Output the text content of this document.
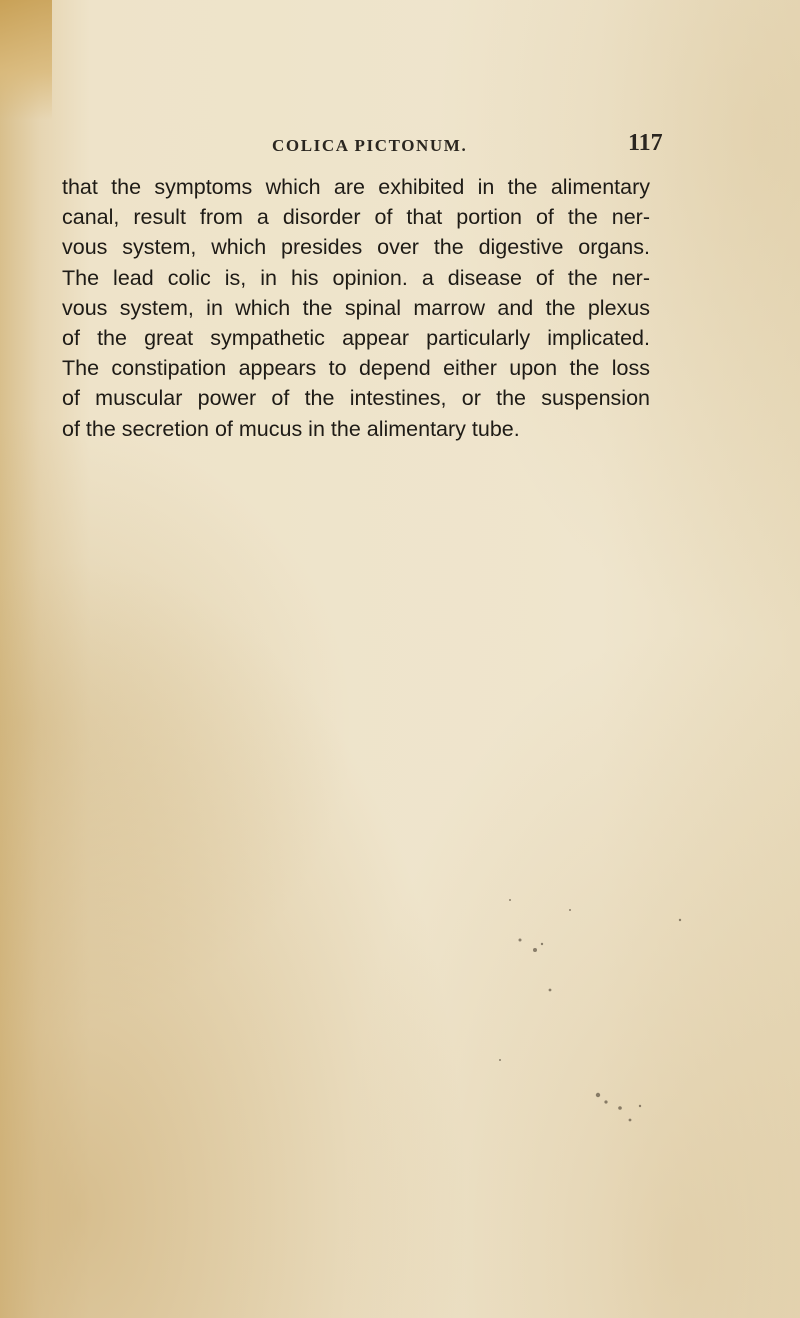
COLICA PICTONUM.	117
that the symptoms which are exhibited in the alimentary
canal, result from a disorder of that portion of the ner-
vous system, which presides over the digestive organs.
The lead colic is, in his opinion. a disease of the ner-
vous system, in which the spinal marrow and the plexus
of the great sympathetic appear particularly implicated.
The constipation appears to depend either upon the loss
of muscular power of the intestines, or the suspension
of the secretion of mucus in the alimentary tube.
